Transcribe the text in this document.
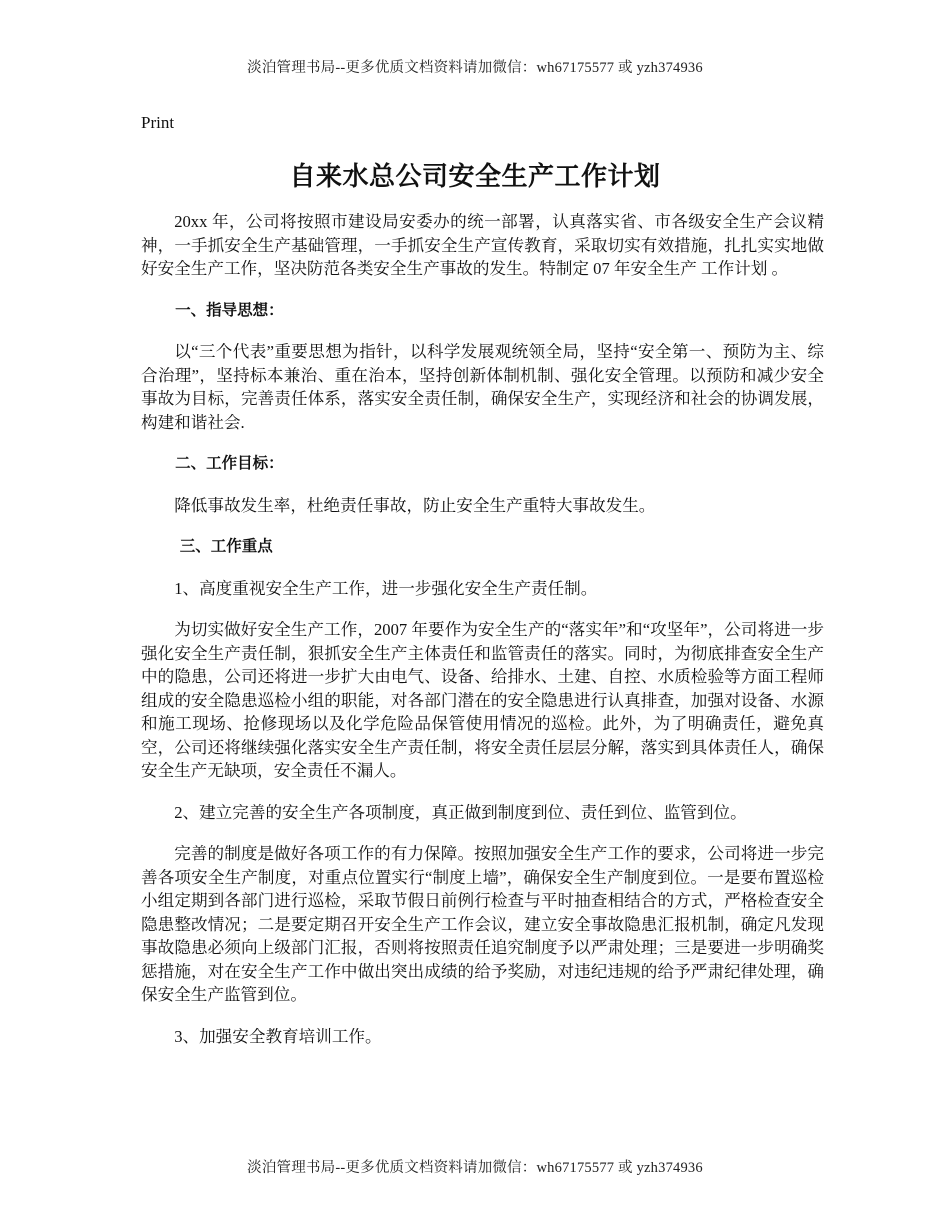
淡泊管理书局--更多优质文档资料请加微信：wh67175577 或 yzh374936
Print
自来水总公司安全生产工作计划

20xx 年，公司将按照市建设局安委办的统一部署，认真落实省、市各级安全生产会议精神，一手抓安全生产基础管理，一手抓安全生产宣传教育，采取切实有效措施，扎扎实实地做好安全生产工作，坚决防范各类安全生产事故的发生。特制定 07 年安全生产 工作计划 。

一、指导思想：

以“三个代表”重要思想为指针，以科学发展观统领全局，坚持“安全第一、预防为主、综合治理”，坚持标本兼治、重在治本，坚持创新体制机制、强化安全管理。以预防和减少安全事故为目标，完善责任体系，落实安全责任制，确保安全生产，实现经济和社会的协调发展，构建和谐社会.

二、工作目标：

降低事故发生率，杜绝责任事故，防止安全生产重特大事故发生。

三、工作重点

1、高度重视安全生产工作，进一步强化安全生产责任制。

为切实做好安全生产工作，2007 年要作为安全生产的“落实年”和“攻坚年”，公司将进一步强化安全生产责任制，狠抓安全生产主体责任和监管责任的落实。同时，为彻底排查安全生产中的隐患，公司还将进一步扩大由电气、设备、给排水、土建、自控、水质检验等方面工程师组成的安全隐患巡检小组的职能，对各部门潜在的安全隐患进行认真排查，加强对设备、水源和施工现场、抢修现场以及化学危险品保管使用情况的巡检。此外，为了明确责任，避免真空，公司还将继续强化落实安全生产责任制，将安全责任层层分解，落实到具体责任人，确保安全生产无缺项，安全责任不漏人。

2、建立完善的安全生产各项制度，真正做到制度到位、责任到位、监管到位。

完善的制度是做好各项工作的有力保障。按照加强安全生产工作的要求，公司将进一步完善各项安全生产制度，对重点位置实行“制度上墙”，确保安全生产制度到位。一是要布置巡检小组定期到各部门进行巡检，采取节假日前例行检查与平时抽查相结合的方式，严格检查安全隐患整改情况；二是要定期召开安全生产工作会议，建立安全事故隐患汇报机制，确定凡发现事故隐患必须向上级部门汇报，否则将按照责任追究制度予以严肃处理；三是要进一步明确奖惩措施，对在安全生产工作中做出突出成绩的给予奖励，对违纪违规的给予严肃纪律处理，确保安全生产监管到位。

3、加强安全教育培训工作。

淡泊管理书局--更多优质文档资料请加微信：wh67175577 或 yzh374936
